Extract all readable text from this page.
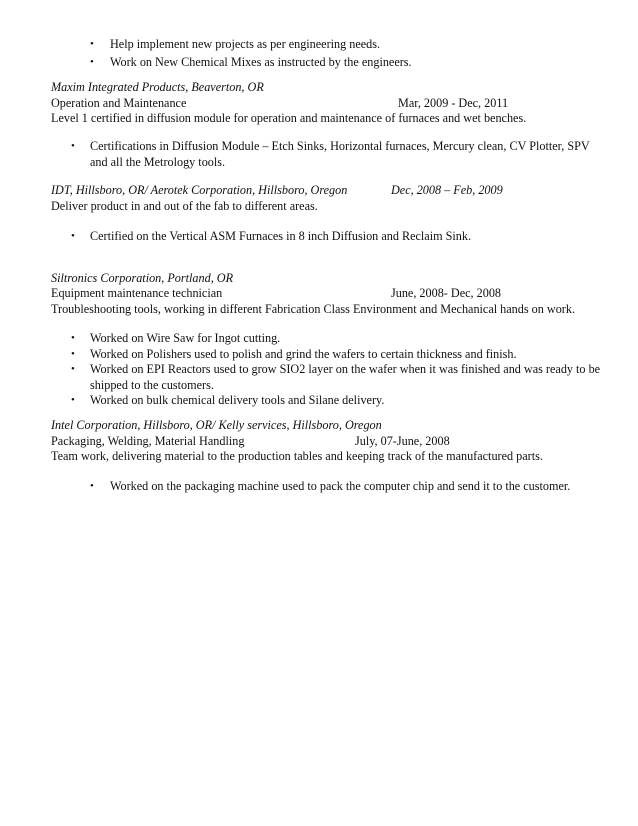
• Help implement new projects as per engineering needs.
• Work on New Chemical Mixes as instructed by the engineers.
Maxim Integrated Products, Beaverton, OR
Operation and Maintenance	Mar, 2009 - Dec, 2011
Level 1 certified in diffusion module for operation and maintenance of furnaces and wet benches.
• Certifications in Diffusion Module – Etch Sinks, Horizontal furnaces, Mercury clean, CV Plotter, SPV and all the Metrology tools.
IDT, Hillsboro, OR/ Aerotek Corporation, Hillsboro, Oregon	Dec, 2008 – Feb, 2009
Deliver product in and out of the fab to different areas.
• Certified on the Vertical ASM Furnaces in 8 inch Diffusion and Reclaim Sink.
Siltronics Corporation, Portland, OR
Equipment maintenance technician	June, 2008- Dec, 2008
Troubleshooting tools, working in different Fabrication Class Environment and Mechanical hands on work.
• Worked on Wire Saw for Ingot cutting.
• Worked on Polishers used to polish and grind the wafers to certain thickness and finish.
• Worked on EPI Reactors used to grow SIO2 layer on the wafer when it was finished and was ready to be shipped to the customers.
• Worked on bulk chemical delivery tools and Silane delivery.
Intel Corporation, Hillsboro, OR/ Kelly services, Hillsboro, Oregon
Packaging, Welding, Material Handling	July, 07-June, 2008
Team work, delivering material to the production tables and keeping track of the manufactured parts.
• Worked on the packaging machine used to pack the computer chip and send it to the customer.
